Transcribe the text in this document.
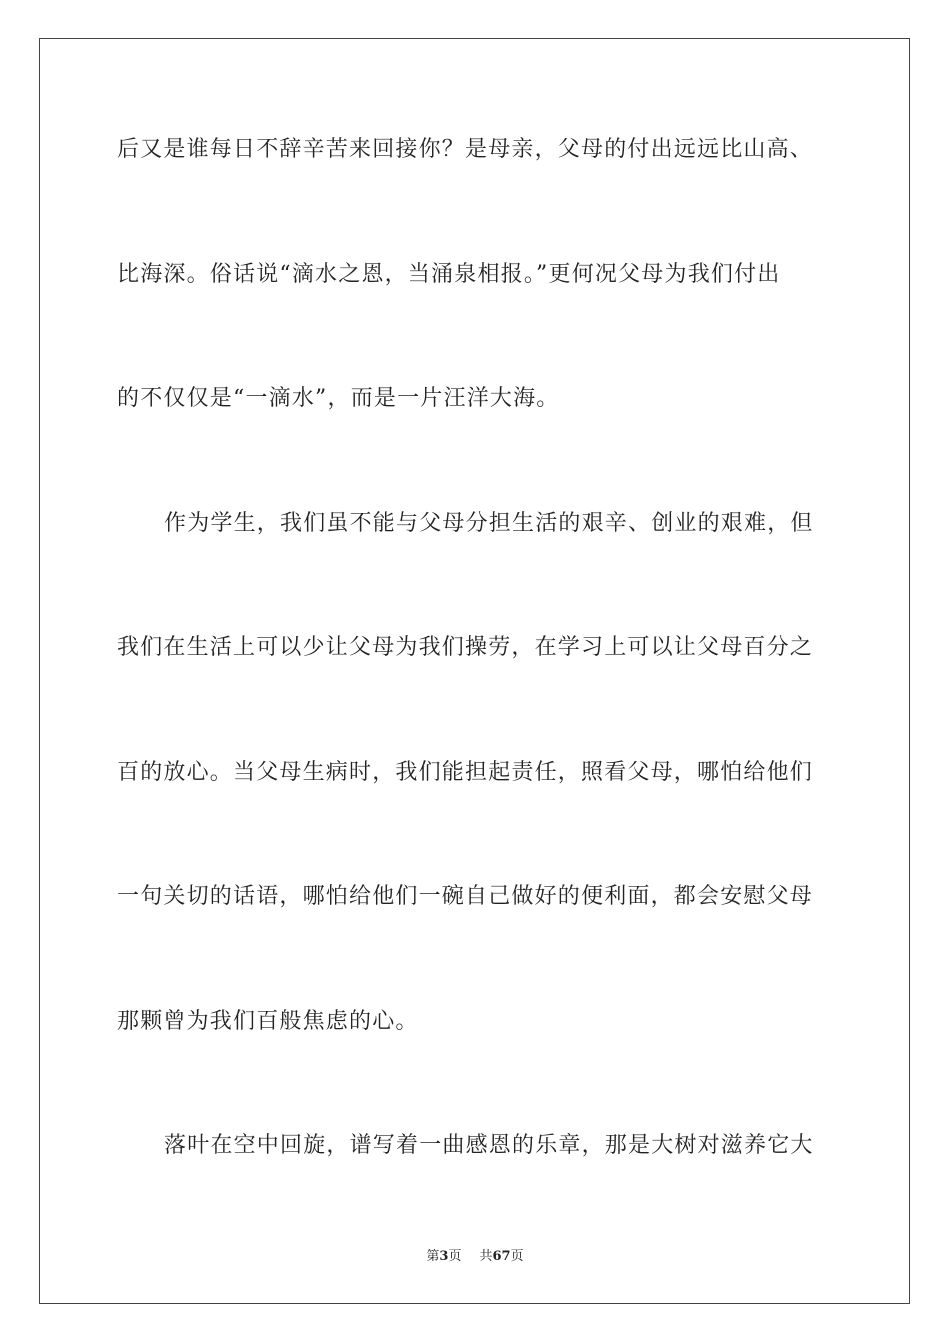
后又是谁每日不辞辛苦来回接你？是母亲，父母的付出远远比山高、
比海深。俗话说“滴水之恩，当涌泉相报。”更何况父母为我们付出
的不仅仅是“一滴水”，而是一片汪洋大海。
作为学生，我们虽不能与父母分担生活的艰辛、创业的艰难，但
我们在生活上可以少让父母为我们操劳，在学习上可以让父母百分之
百的放心。当父母生病时，我们能担起责任，照看父母，哪怕给他们
一句关切的话语，哪怕给他们一碗自己做好的便利面，都会安慰父母
那颗曾为我们百般焦虑的心。
落叶在空中回旋，谱写着一曲感恩的乐章，那是大树对滋养它大
第3页 共67页
